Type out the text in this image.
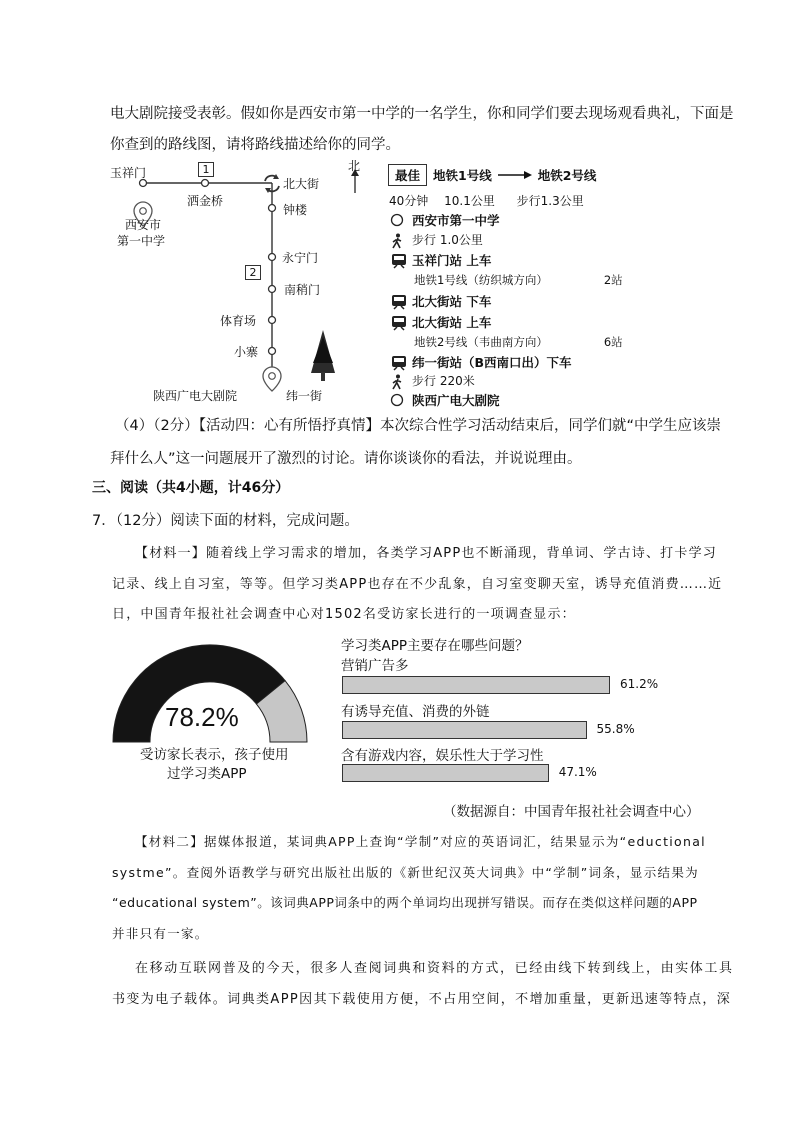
电大剧院接受表彰。假如你是西安市第一中学的一名学生，你和同学们要去现场观看典礼，下面是
你查到的路线图，请将路线描述给你的同学。
玉祥门	1
洒金桥
北大街
钟楼
西安市
第一中学
永宁门
2
南稍门
体育场
小寨
陕西广电大剧院	纬一街
北
最佳	地铁1号线	地铁2号线
40分钟 10.1公里 步行1.3公里
西安市第一中学
步行 1.0公里
玉祥门站 上车
地铁1号线（纺织城方向）	2站
北大街站 下车
北大街站 上车
地铁2号线（韦曲南方向）	6站
纬一街站（B西南口出）下车
步行 220米
陕西广电大剧院
（4）（2分）【活动四：心有所悟抒真情】本次综合性学习活动结束后，同学们就“中学生应该崇
拜什么人”这一问题展开了激烈的讨论。请你谈谈你的看法，并说说理由。
三、阅读（共4小题，计46分）
7．（12分）阅读下面的材料，完成问题。
【材料一】随着线上学习需求的增加，各类学习APP也不断涌现，背单词、学古诗、打卡学习
记录、线上自习室，等等。但学习类APP也存在不少乱象，自习室变聊天室，诱导充值消费……近
日，中国青年报社社会调查中心对1502名受访家长进行的一项调查显示：
78.2%
受访家长表示，孩子使用
过学习类APP
学习类APP主要存在哪些问题？
营销广告多
61.2%
有诱导充值、消费的外链
55.8%
含有游戏内容，娱乐性大于学习性
47.1%
（数据源自：中国青年报社社会调查中心）
【材料二】据媒体报道，某词典APP上查询“学制”对应的英语词汇，结果显示为“eductional
systme”。查阅外语教学与研究出版社出版的《新世纪汉英大词典》中“学制”词条，显示结果为
“educational system”。该词典APP词条中的两个单词均出现拼写错误。而存在类似这样问题的APP
并非只有一家。
在移动互联网普及的今天，很多人查阅词典和资料的方式，已经由线下转到线上，由实体工具
书变为电子载体。词典类APP因其下载使用方便，不占用空间，不增加重量，更新迅速等特点，深
